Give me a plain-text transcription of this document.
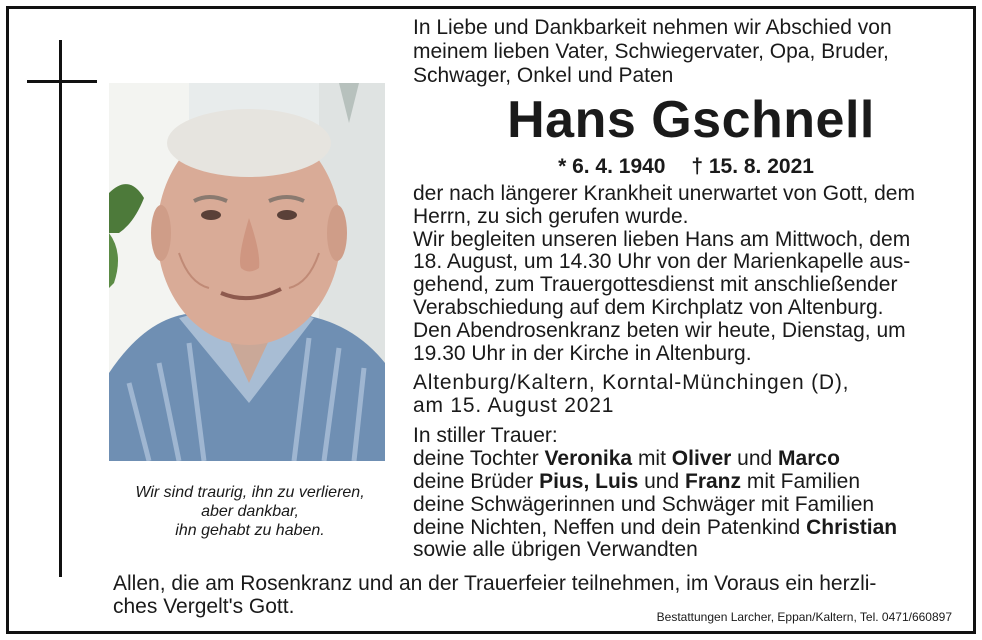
Wir sind traurig, ihn zu verlieren,
aber dankbar,
ihn gehabt zu haben.
In Liebe und Dankbarkeit nehmen wir Abschied von
meinem lieben Vater, Schwiegervater, Opa, Bruder,
Schwager, Onkel und Paten
Hans Gschnell
* 6. 4. 1940 † 15. 8. 2021
der nach längerer Krankheit unerwartet von Gott, dem
Herrn, zu sich gerufen wurde.
Wir begleiten unseren lieben Hans am Mittwoch, dem
18. August, um 14.30 Uhr von der Marienkapelle aus-
gehend, zum Trauergottesdienst mit anschließender
Verabschiedung auf dem Kirchplatz von Altenburg.
Den Abendrosenkranz beten wir heute, Dienstag, um
19.30 Uhr in der Kirche in Altenburg.
Altenburg/Kaltern, Korntal-Münchingen (D),
am 15. August 2021
In stiller Trauer:
deine Tochter Veronika mit Oliver und Marco
deine Brüder Pius, Luis und Franz mit Familien
deine Schwägerinnen und Schwäger mit Familien
deine Nichten, Neffen und dein Patenkind Christian
sowie alle übrigen Verwandten
Allen, die am Rosenkranz und an der Trauerfeier teilnehmen, im Voraus ein herzli-
ches Vergelt's Gott.	Bestattungen Larcher, Eppan/Kaltern, Tel. 0471/660897
